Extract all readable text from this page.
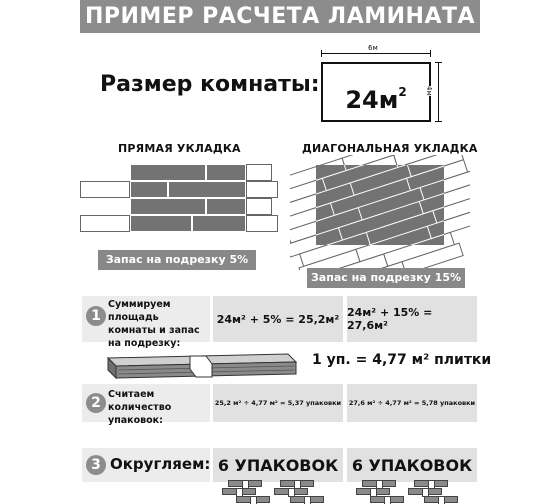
ПРИМЕР РАСЧЕТА ЛАМИНАТА
Размер комнаты:
$24м^2$
6м
4м
ПРЯМАЯ УКЛАДКА
Запас на подрезку 5%
ДИАГОНАЛЬНАЯ УКЛАДКА
Запас на подрезку 15%
1
Суммируем площадь комнаты и запас на подрезку:
24м² + 5% = 25,2м² 24м² + 15% = 27,6м²
1 уп. = 4,77 м² плитки
2
Считаем количество упаковок:
25,2 м² ÷ 4,77 м² = 5,37 упаковки 27,6 м² ÷ 4,77 м² = 5,78 упаковки
3 Округляем: 6 УПАКОВОК 6 УПАКОВОК
